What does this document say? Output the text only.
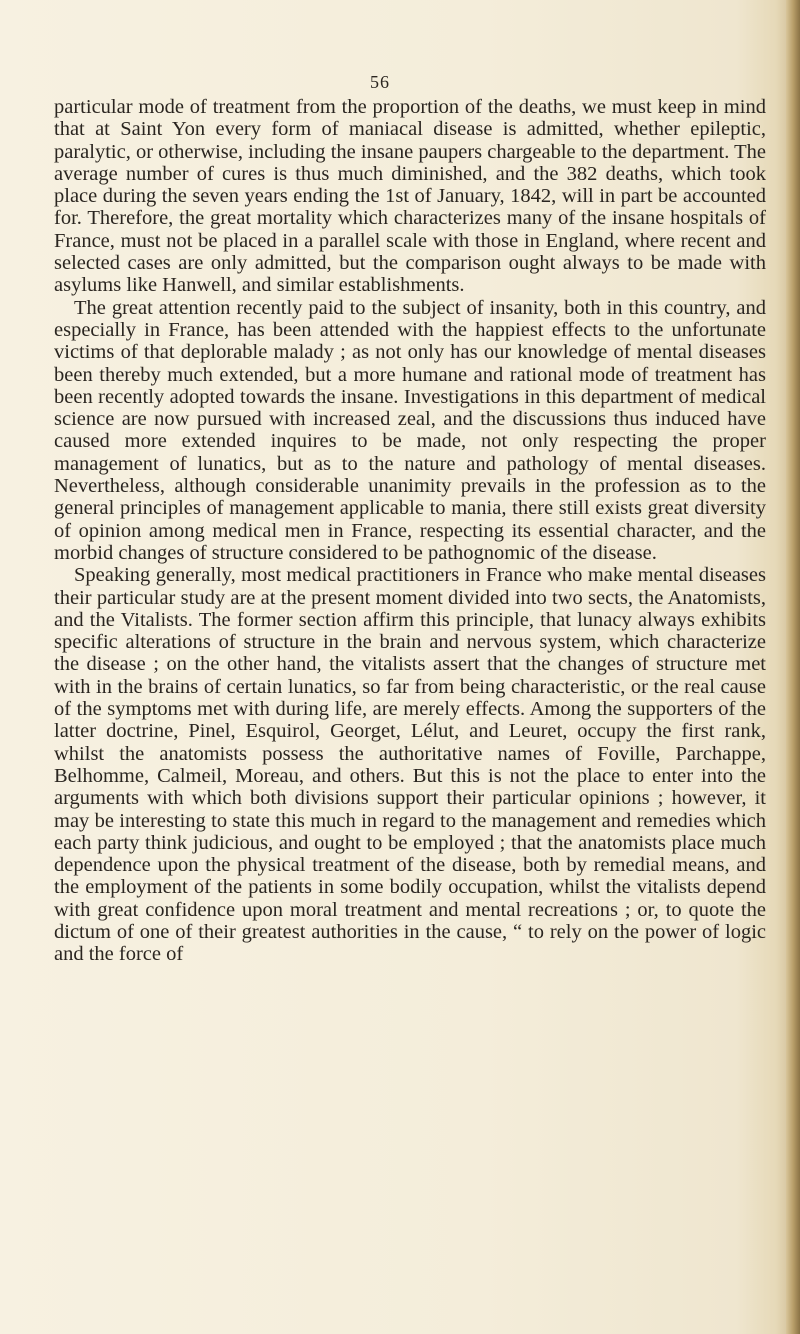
56

particular mode of treatment from the proportion of the deaths, we must keep in mind that at Saint Yon every form of maniacal disease is admitted, whether epileptic, paralytic, or otherwise, including the insane paupers chargeable to the department. The average number of cures is thus much diminished, and the 382 deaths, which took place during the seven years ending the 1st of January, 1842, will in part be accounted for. Therefore, the great mortality which characterizes many of the insane hospitals of France, must not be placed in a parallel scale with those in England, where recent and selected cases are only admitted, but the comparison ought always to be made with asylums like Hanwell, and similar establishments.

The great attention recently paid to the subject of insanity, both in this country, and especially in France, has been attended with the happiest effects to the unfortunate victims of that deplorable malady ; as not only has our knowledge of mental diseases been thereby much extended, but a more humane and rational mode of treatment has been recently adopted towards the insane. Investigations in this department of medical science are now pursued with increased zeal, and the discussions thus induced have caused more extended inquires to be made, not only respecting the proper management of lunatics, but as to the nature and pathology of mental diseases. Nevertheless, although considerable unanimity prevails in the profession as to the general principles of management applicable to mania, there still exists great diversity of opinion among medical men in France, respecting its essential character, and the morbid changes of structure considered to be pathognomic of the disease.

Speaking generally, most medical practitioners in France who make mental diseases their particular study are at the present moment divided into two sects, the Anatomists, and the Vitalists. The former section affirm this principle, that lunacy always exhibits specific alterations of structure in the brain and nervous system, which characterize the disease ; on the other hand, the vitalists assert that the changes of structure met with in the brains of certain lunatics, so far from being characteristic, or the real cause of the symptoms met with during life, are merely effects. Among the supporters of the latter doctrine, Pinel, Esquirol, Georget, Lélut, and Leuret, occupy the first rank, whilst the anatomists possess the authoritative names of Foville, Parchappe, Belhomme, Calmeil, Moreau, and others. But this is not the place to enter into the arguments with which both divisions support their particular opinions ; however, it may be interesting to state this much in regard to the management and remedies which each party think judicious, and ought to be employed ; that the anatomists place much dependence upon the physical treatment of the disease, both by remedial means, and the employment of the patients in some bodily occupation, whilst the vitalists depend with great confidence upon moral treatment and mental recreations ; or, to quote the dictum of one of their greatest authorities in the cause, “ to rely on the power of logic and the force of
